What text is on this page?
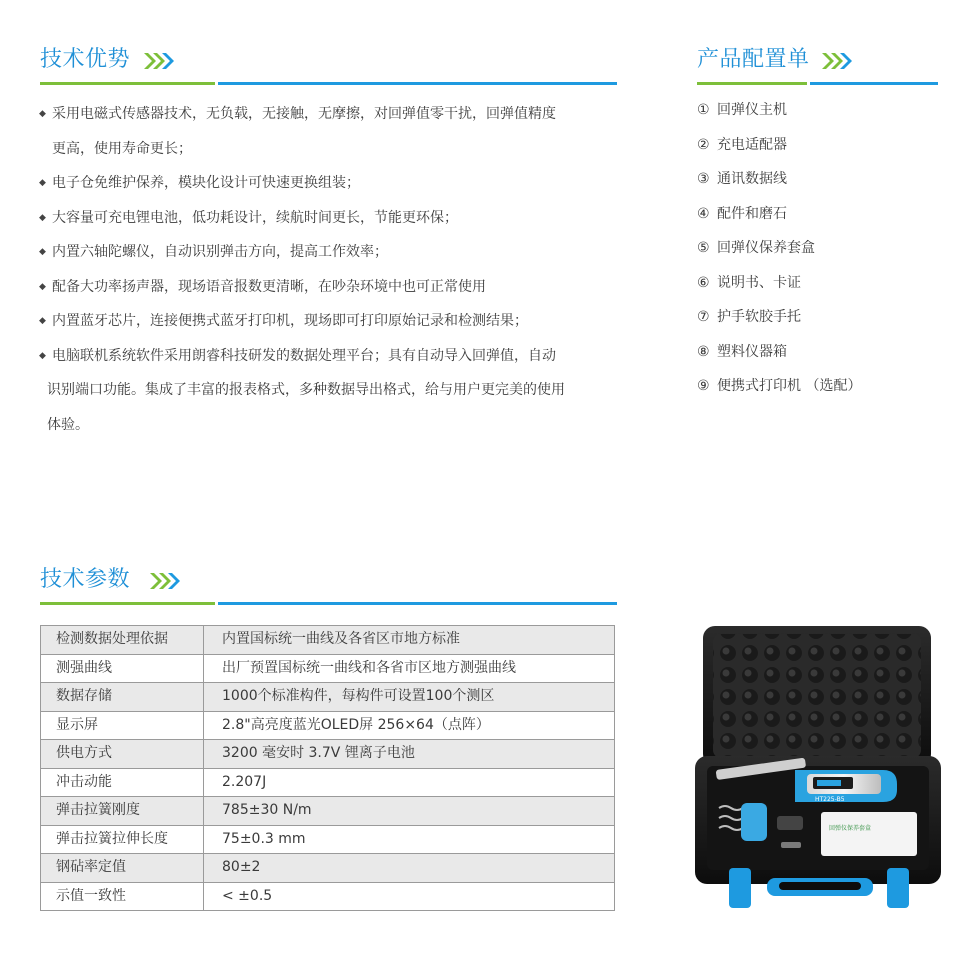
技术优势	产品配置单
◆ 采用电磁式传感器技术，无负载，无接触，无摩擦，对回弹值零干扰，回弹值精度
更高，使用寿命更长；
◆ 电子仓免维护保养，模块化设计可快速更换组装；
◆ 大容量可充电锂电池，低功耗设计，续航时间更长，节能更环保；
◆ 内置六轴陀螺仪，自动识别弹击方向，提高工作效率；
◆ 配备大功率扬声器，现场语音报数更清晰，在吵杂环境中也可正常使用
◆ 内置蓝牙芯片，连接便携式蓝牙打印机，现场即可打印原始记录和检测结果；
◆ 电脑联机系统软件采用朗睿科技研发的数据处理平台；具有自动导入回弹值，自动
识别端口功能。集成了丰富的报表格式，多种数据导出格式，给与用户更完美的使用
体验。
① 回弹仪主机
② 充电适配器
③ 通讯数据线
④ 配件和磨石
⑤ 回弹仪保养套盒
⑥ 说明书、卡证
⑦ 护手软胶手托
⑧ 塑料仪器箱
⑨ 便携式打印机 （选配）
技术参数
检测数据处理依据	内置国标统一曲线及各省区市地方标准
测强曲线	出厂预置国标统一曲线和各省市区地方测强曲线
数据存储	1000个标准构件，每构件可设置100个测区
显示屏	2.8"高亮度蓝光OLED屏 256×64（点阵）
供电方式	3200 毫安时 3.7V 锂离子电池
冲击动能	2.207J
弹击拉簧刚度	785±30 N/m
弹击拉簧拉伸长度	75±0.3 mm
钢砧率定值	80±2
示值一致性	< ±0.5
HT225-B5
回弹仪保养套盒
